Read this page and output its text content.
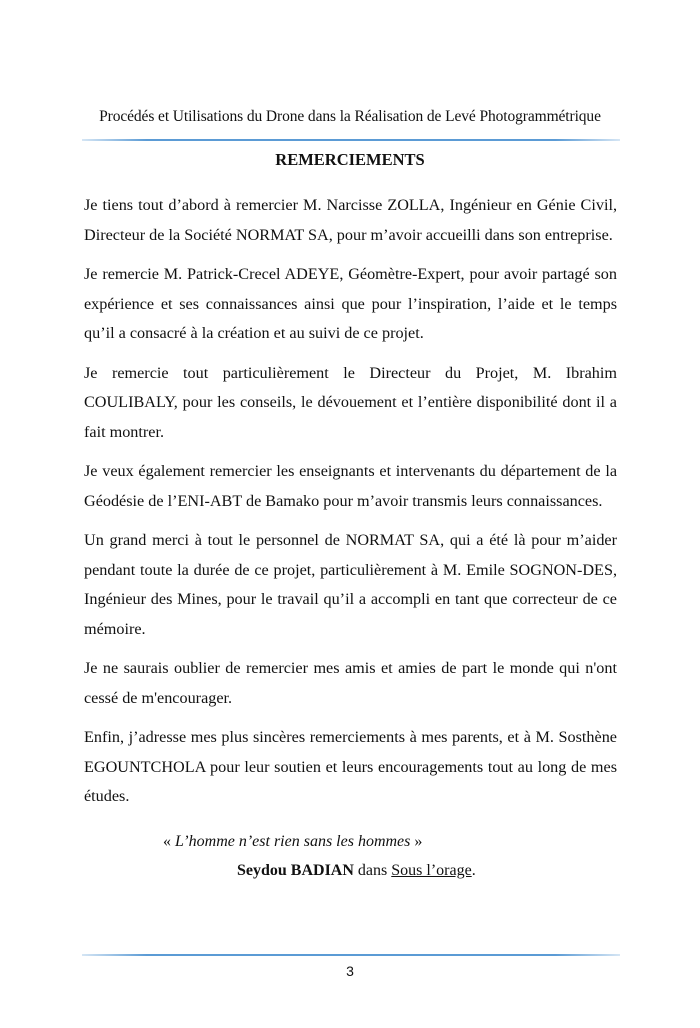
Procédés et Utilisations du Drone dans la Réalisation de Levé Photogrammétrique
REMERCIEMENTS

Je tiens tout d’abord à remercier M. Narcisse ZOLLA, Ingénieur en Génie Civil, Directeur de la Société NORMAT SA, pour m’avoir accueilli dans son entreprise.

Je remercie M. Patrick-Crecel ADEYE, Géomètre-Expert, pour avoir partagé son expérience et ses connaissances ainsi que pour l’inspiration, l’aide et le temps qu’il a consacré à la création et au suivi de ce projet.

Je remercie tout particulièrement le Directeur du Projet, M. Ibrahim COULIBALY, pour les conseils, le dévouement et l’entière disponibilité dont il a fait montrer.

Je veux également remercier les enseignants et intervenants du département de la Géodésie de l’ENI-ABT de Bamako pour m’avoir transmis leurs connaissances.

Un grand merci à tout le personnel de NORMAT SA, qui a été là pour m’aider pendant toute la durée de ce projet, particulièrement à M. Emile SOGNON-DES, Ingénieur des Mines, pour le travail qu’il a accompli en tant que correcteur de ce mémoire.

Je ne saurais oublier de remercier mes amis et amies de part le monde qui n'ont cessé de m'encourager.

Enfin, j’adresse mes plus sincères remerciements à mes parents, et à M. Sosthène EGOUNTCHOLA pour leur soutien et leurs encouragements tout au long de mes études.

« L’homme n’est rien sans les hommes »
Seydou BADIAN dans Sous l’orage.
3
